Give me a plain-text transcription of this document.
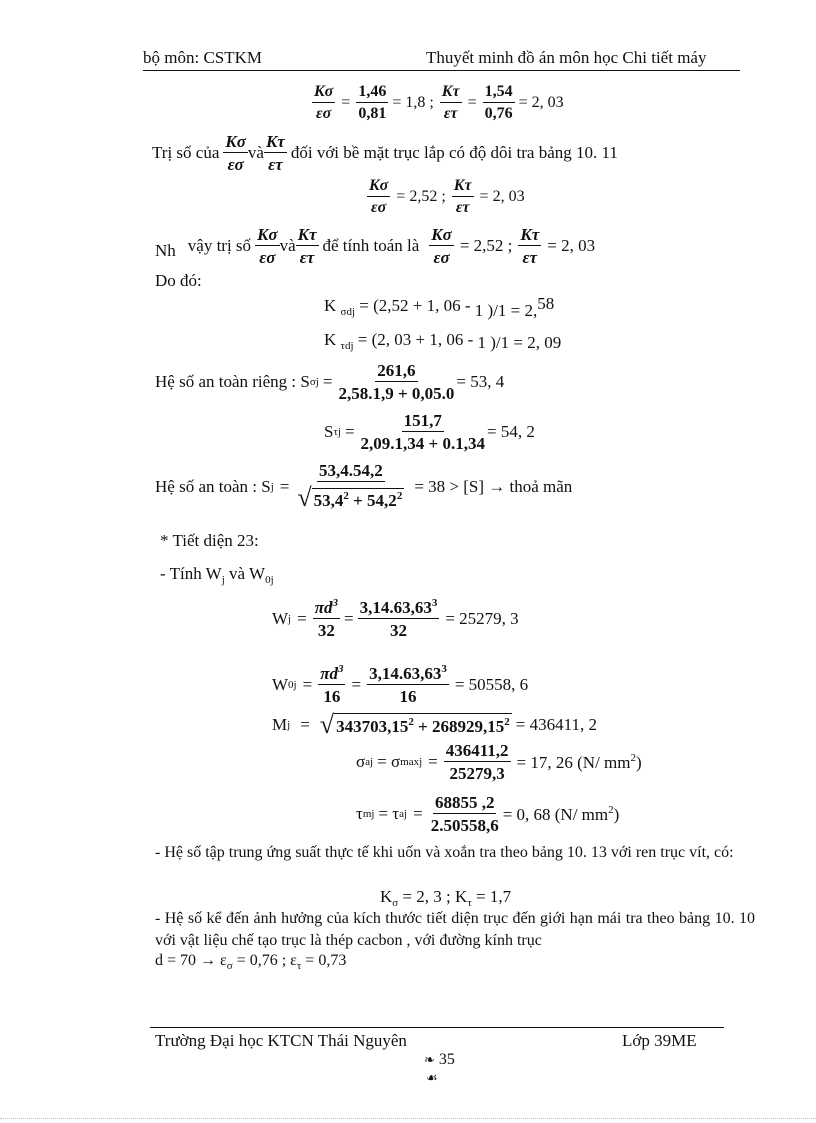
bộ môn: CSTKM	Thuyết minh đồ án môn học Chi tiết máy
$\frac{K\sigma}{\varepsilon\sigma} = \frac{1,46}{0,81} = 1,8$ ; $\frac{K\tau}{\varepsilon\tau} = \frac{1,54}{0,76} = 2$, 03
Trị số của $\frac{K\sigma}{\varepsilon\sigma}$ và $\frac{K\tau}{\varepsilon\tau}$ đối với bề mặt trục lắp có độ dôi tra bảng 10. 11
$\frac{K\sigma}{\varepsilon\sigma} = 2,52$ ; $\frac{K\tau}{\varepsilon\tau} = 2$, 03
Nh vậy trị số $\frac{K\sigma}{\varepsilon\sigma}$ và $\frac{K\tau}{\varepsilon\tau}$ để tính toán là $\frac{K\sigma}{\varepsilon\sigma} = 2,52$ ; $\frac{K\tau}{\varepsilon\tau} = 2$, 03
Do đó:
K $_{\sigma dj}$ = (2,52 + 1, 06 - 1 )/1 = 2,58
K $_{\tau dj}$ = (2, 03 + 1, 06 - 1 )/1 = 2, 09
Hệ số an toàn riêng : S $\sigma j = \frac{261,6}{2,58.1,9 + 0,05.0} = 53$, 4
S $\tau j = \frac{151,7}{2,09.1,34 + 0.1,34} = 54$, 2
Hệ số an toàn : S $j = \frac{53,4.54,2}{√ 53,4^2 + 54,2^2} = 38 > [S]$ → thoả mãn
* Tiết diện 23:
- Tính $W_j$ và $W_{0j}$
W $j = \frac{\pi d^3}{32} = \frac{3,14.63,63^3}{32} = 25279$, 3
W $0j = \frac{\pi d^3}{16} = \frac{3,14.63,63^3}{16} = 50558$, 6
M j = √ $343703,15^2 + 268929,15^2 = 436411$, 2
σ aj = σ $\max j = \frac{436411,2}{25279,3} = 17$, 26 (N/ $mm^2$)
τ mj = τ aj = $\frac{68855 ,2}{2.50558,6} = 0$, 68 (N/ $mm^2$)
- Hệ số tập trung ứng suất thực tế khi uốn và xoắn tra theo bảng 10. 13 với ren trục vít, có:
$K_\sigma = 2$, 3 ; $K_\tau = 1,7$
- Hệ số kể đến ảnh hưởng của kích thước tiết diện trục đến giới hạn mái tra theo bảng 10. 10 với vật liệu chế tạo trục là thép cacbon , với đường kính trục
$d = 70 \to \varepsilon_\sigma = 0,76$ ; $\varepsilon_\tau = 0,73$
Trường Đại học KTCN Thái Nguyên	Lớp 39ME
❧ 35
☙
